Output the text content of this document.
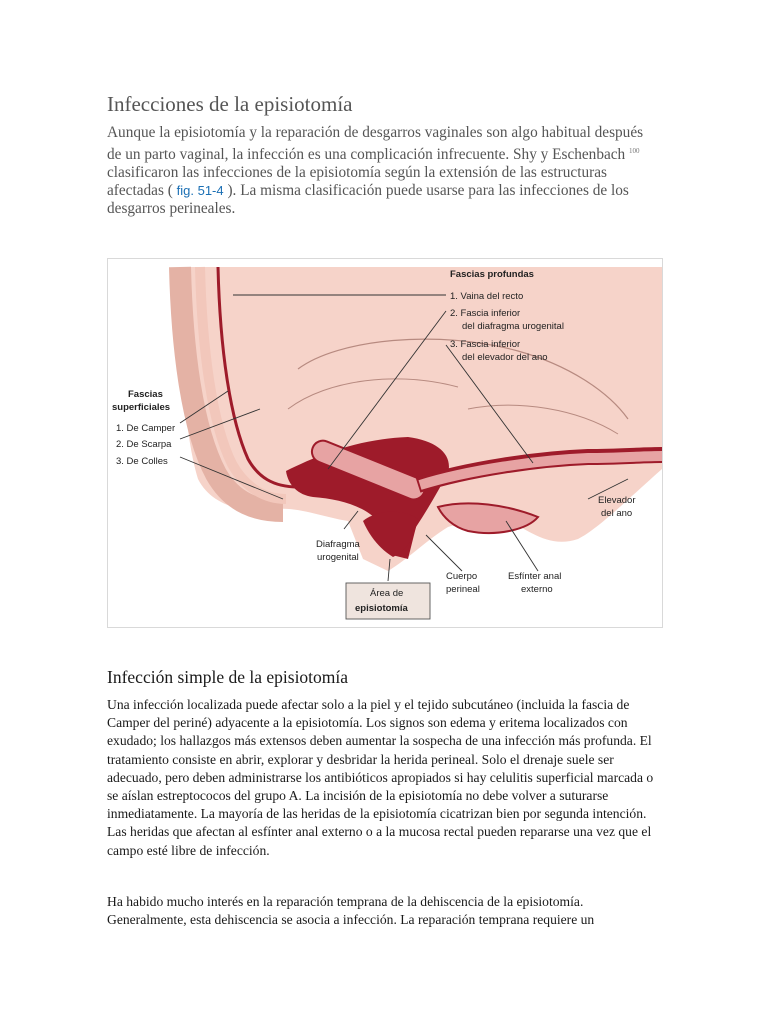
Infecciones de la episiotomía

Aunque la episiotomía y la reparación de desgarros vaginales son algo habitual después de un parto vaginal, la infección es una complicación infrecuente. Shy y Eschenbach $^{100}$ clasificaron las infecciones de la episiotomía según la extensión de las estructuras afectadas ( fig. 51-4 ). La misma clasificación puede usarse para las infecciones de los desgarros perineales.

Fascias profundas
1. Vaina del recto
2. Fascia inferior
del diafragma urogenital
3. Fascia inferior
del elevador del ano
Fascias
superficiales
1. De Camper
2. De Scarpa
3. De Colles
Elevador
del ano
Diafragma
urogenital
Cuerpo
perineal
Esfínter anal
externo
Área de
episiotomía
Infección simple de la episiotomía

Una infección localizada puede afectar solo a la piel y el tejido subcutáneo (incluida la fascia de Camper del periné) adyacente a la episiotomía. Los signos son edema y eritema localizados con exudado; los hallazgos más extensos deben aumentar la sospecha de una infección más profunda. El tratamiento consiste en abrir, explorar y desbridar la herida perineal. Solo el drenaje suele ser adecuado, pero deben administrarse los antibióticos apropiados si hay celulitis superficial marcada o se aíslan estreptococos del grupo A. La incisión de la episiotomía no debe volver a suturarse inmediatamente. La mayoría de las heridas de la episiotomía cicatrizan bien por segunda intención. Las heridas que afectan al esfínter anal externo o a la mucosa rectal pueden repararse una vez que el campo esté libre de infección.

Ha habido mucho interés en la reparación temprana de la dehiscencia de la episiotomía. Generalmente, esta dehiscencia se asocia a infección. La reparación temprana requiere un
